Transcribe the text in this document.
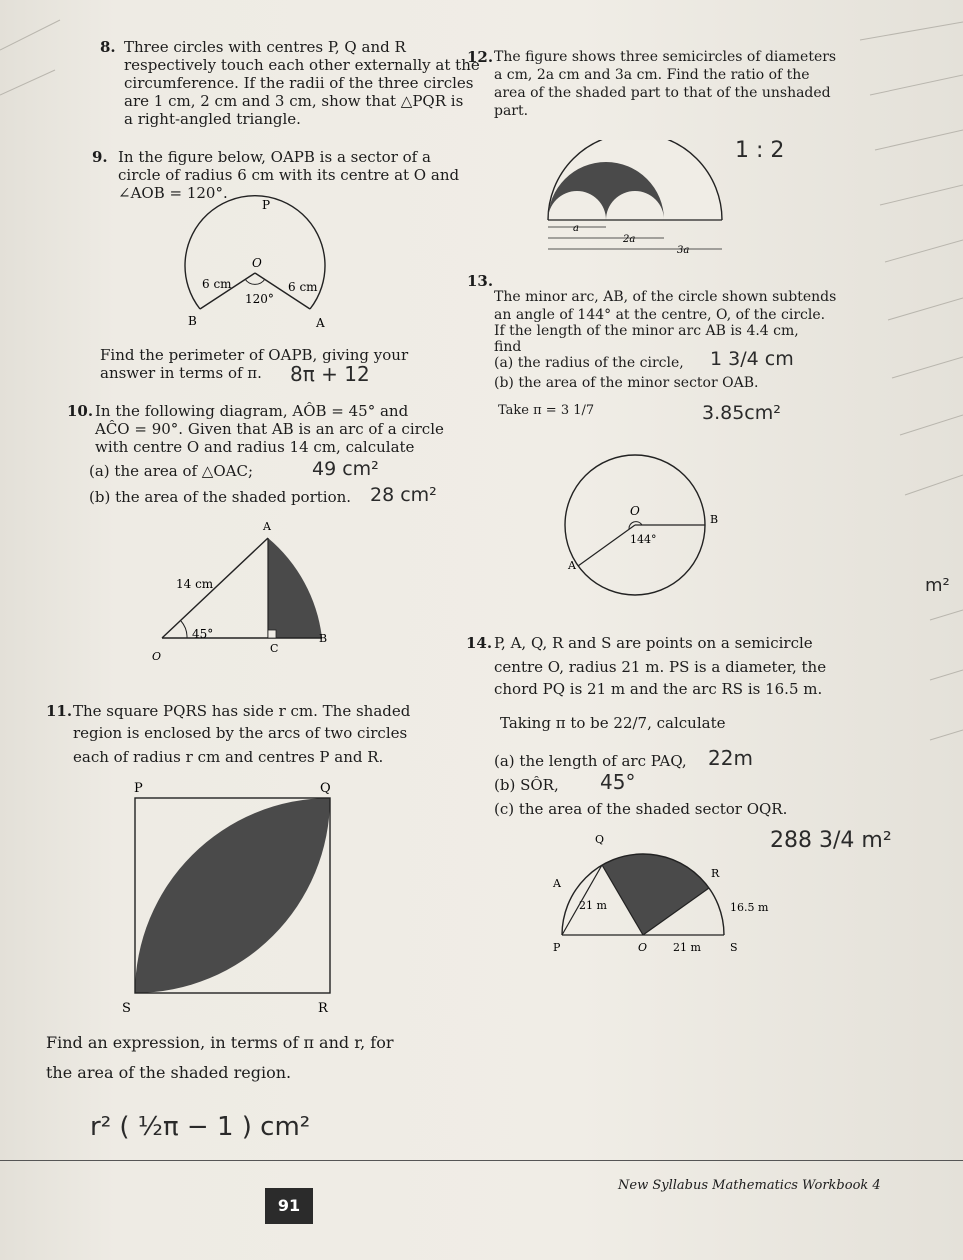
8. Three circles with centres P, Q and R
respectively touch each other externally at the
circumference. If the radii of the three circles
are 1 cm, 2 cm and 3 cm, show that △PQR is
a right-angled triangle.
9. In the figure below, OAPB is a sector of a
circle of radius 6 cm with its centre at O and
∠AOB = 120°.
P
O
B	A
6 cm	6 cm
120°
Find the perimeter of OAPB, giving your
answer in terms of π. 8π + 12
10. In the following diagram, AÔB = 45° and
AĈO = 90°. Given that AB is an arc of a circle
with centre O and radius 14 cm, calculate
(a) the area of △OAC;
(b) the area of the shaded portion.
49 cm²
28 cm²
A
O
C
B
14 cm
45°
11. The square PQRS has side r cm. The shaded
region is enclosed by the arcs of two circles
each of radius r cm and centres P and R.
P	Q
S	R
Find an expression, in terms of π and r, for
the area of the shaded region.
r² ( ½π − 1 ) cm²
12. The figure shows three semicircles of diameters
a cm, 2a cm and 3a cm. Find the ratio of the
area of the shaded part to that of the unshaded
part.
1 : 2
a
2a
3a
13.
The minor arc, AB, of the circle shown subtends
an angle of 144° at the centre, O, of the circle.
If the length of the minor arc AB is 4.4 cm,
find
(a) the radius of the circle,
(b) the area of the minor sector OAB.
Take π = 3 1/7
1 3/4 cm
3.85cm²
O
B
A
144°
14. P, A, Q, R and S are points on a semicircle
centre O, radius 21 m. PS is a diameter, the
chord PQ is 21 m and the arc RS is 16.5 m.
Taking π to be 22/7, calculate
(a) the length of arc PAQ,
(b) SÔR,
(c) the area of the shaded sector OQR.
22m
45°
288 3/4 m²
Q
A
R
P	O	S
21 m
21 m
16.5 m
m²
91
New Syllabus Mathematics Workbook 4
